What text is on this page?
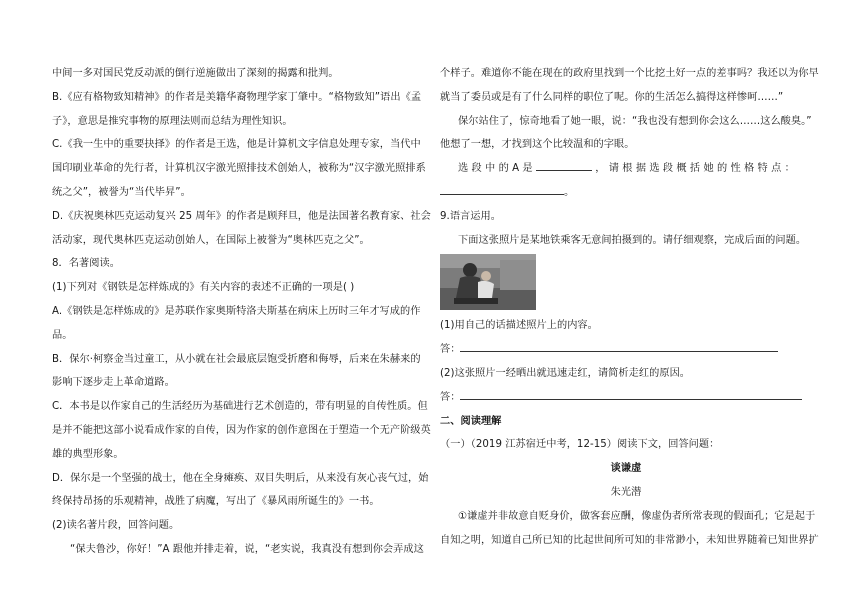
中间一多对国民党反动派的倒行逆施做出了深刻的揭露和批判。
B.《应有格物致知精神》的作者是美籍华裔物理学家丁肇中。“格物致知”语出《孟
子》，意思是推究事物的原理法则而总结为理性知识。
C.《我一生中的重要抉择》的作者是王选，他是计算机文字信息处理专家，当代中
国印刷业革命的先行者，计算机汉字激光照排技术创始人，被称为“汉字激光照排系
统之父”，被誉为“当代毕昇”。
D.《庆祝奥林匹克运动复兴 25 周年》的作者是顾拜旦，他是法国著名教育家、社会
活动家，现代奥林匹克运动创始人，在国际上被誉为“奥林匹克之父”。
8．名著阅读。
(1)下列对《钢铁是怎样炼成的》有关内容的表述不正确的一项是( )
A.《钢铁是怎样炼成的》是苏联作家奥斯特洛夫斯基在病床上历时三年才写成的作
品。
B．保尔·柯察金当过童工，从小就在社会最底层饱受折磨和侮辱，后来在朱赫来的
影响下逐步走上革命道路。
C．本书是以作家自己的生活经历为基础进行艺术创造的，带有明显的自传性质。但
是并不能把这部小说看成作家的自传，因为作家的创作意图在于塑造一个无产阶级英
雄的典型形象。
D．保尔是一个坚强的战士，他在全身瘫痪、双目失明后，从来没有灰心丧气过，始
终保持昂扬的乐观精神，战胜了病魔，写出了《暴风雨所诞生的》一书。
(2)读名著片段，回答问题。
“保夫鲁沙，你好！”A 跟他并排走着，说，“老实说，我真没有想到你会弄成这
个样子。难道你不能在现在的政府里找到一个比挖土好一点的差事吗？我还以为你早
就当了委员或是有了什么同样的职位了呢。你的生活怎么搞得这样惨呵……”
保尔站住了，惊奇地看了她一眼，说：“我也没有想到你会这么……这么酸臭。”
他想了一想，才找到这个比较温和的字眼。
选 段 中 的 A 是	， 请 根 据 选 段 概 括 她 的 性 格 特 点 ：
。
9.语言运用。
下面这张照片是某地铁乘客无意间拍摄到的。请仔细观察，完成后面的问题。
(1)用自己的话描述照片上的内容。
答：
(2)这张照片一经晒出就迅速走红，请简析走红的原因。
答：
二、阅读理解
（一）（2019 江苏宿迁中考，12-15）阅读下文，回答问题：
谈谦虚
朱光潜
①谦虚并非故意自贬身价，做客套应酬，像虚伪者所常表现的假面孔；它是起于
自知之明，知道自己所已知的比起世间所可知的非常渺小，未知世界随着已知世界扩
